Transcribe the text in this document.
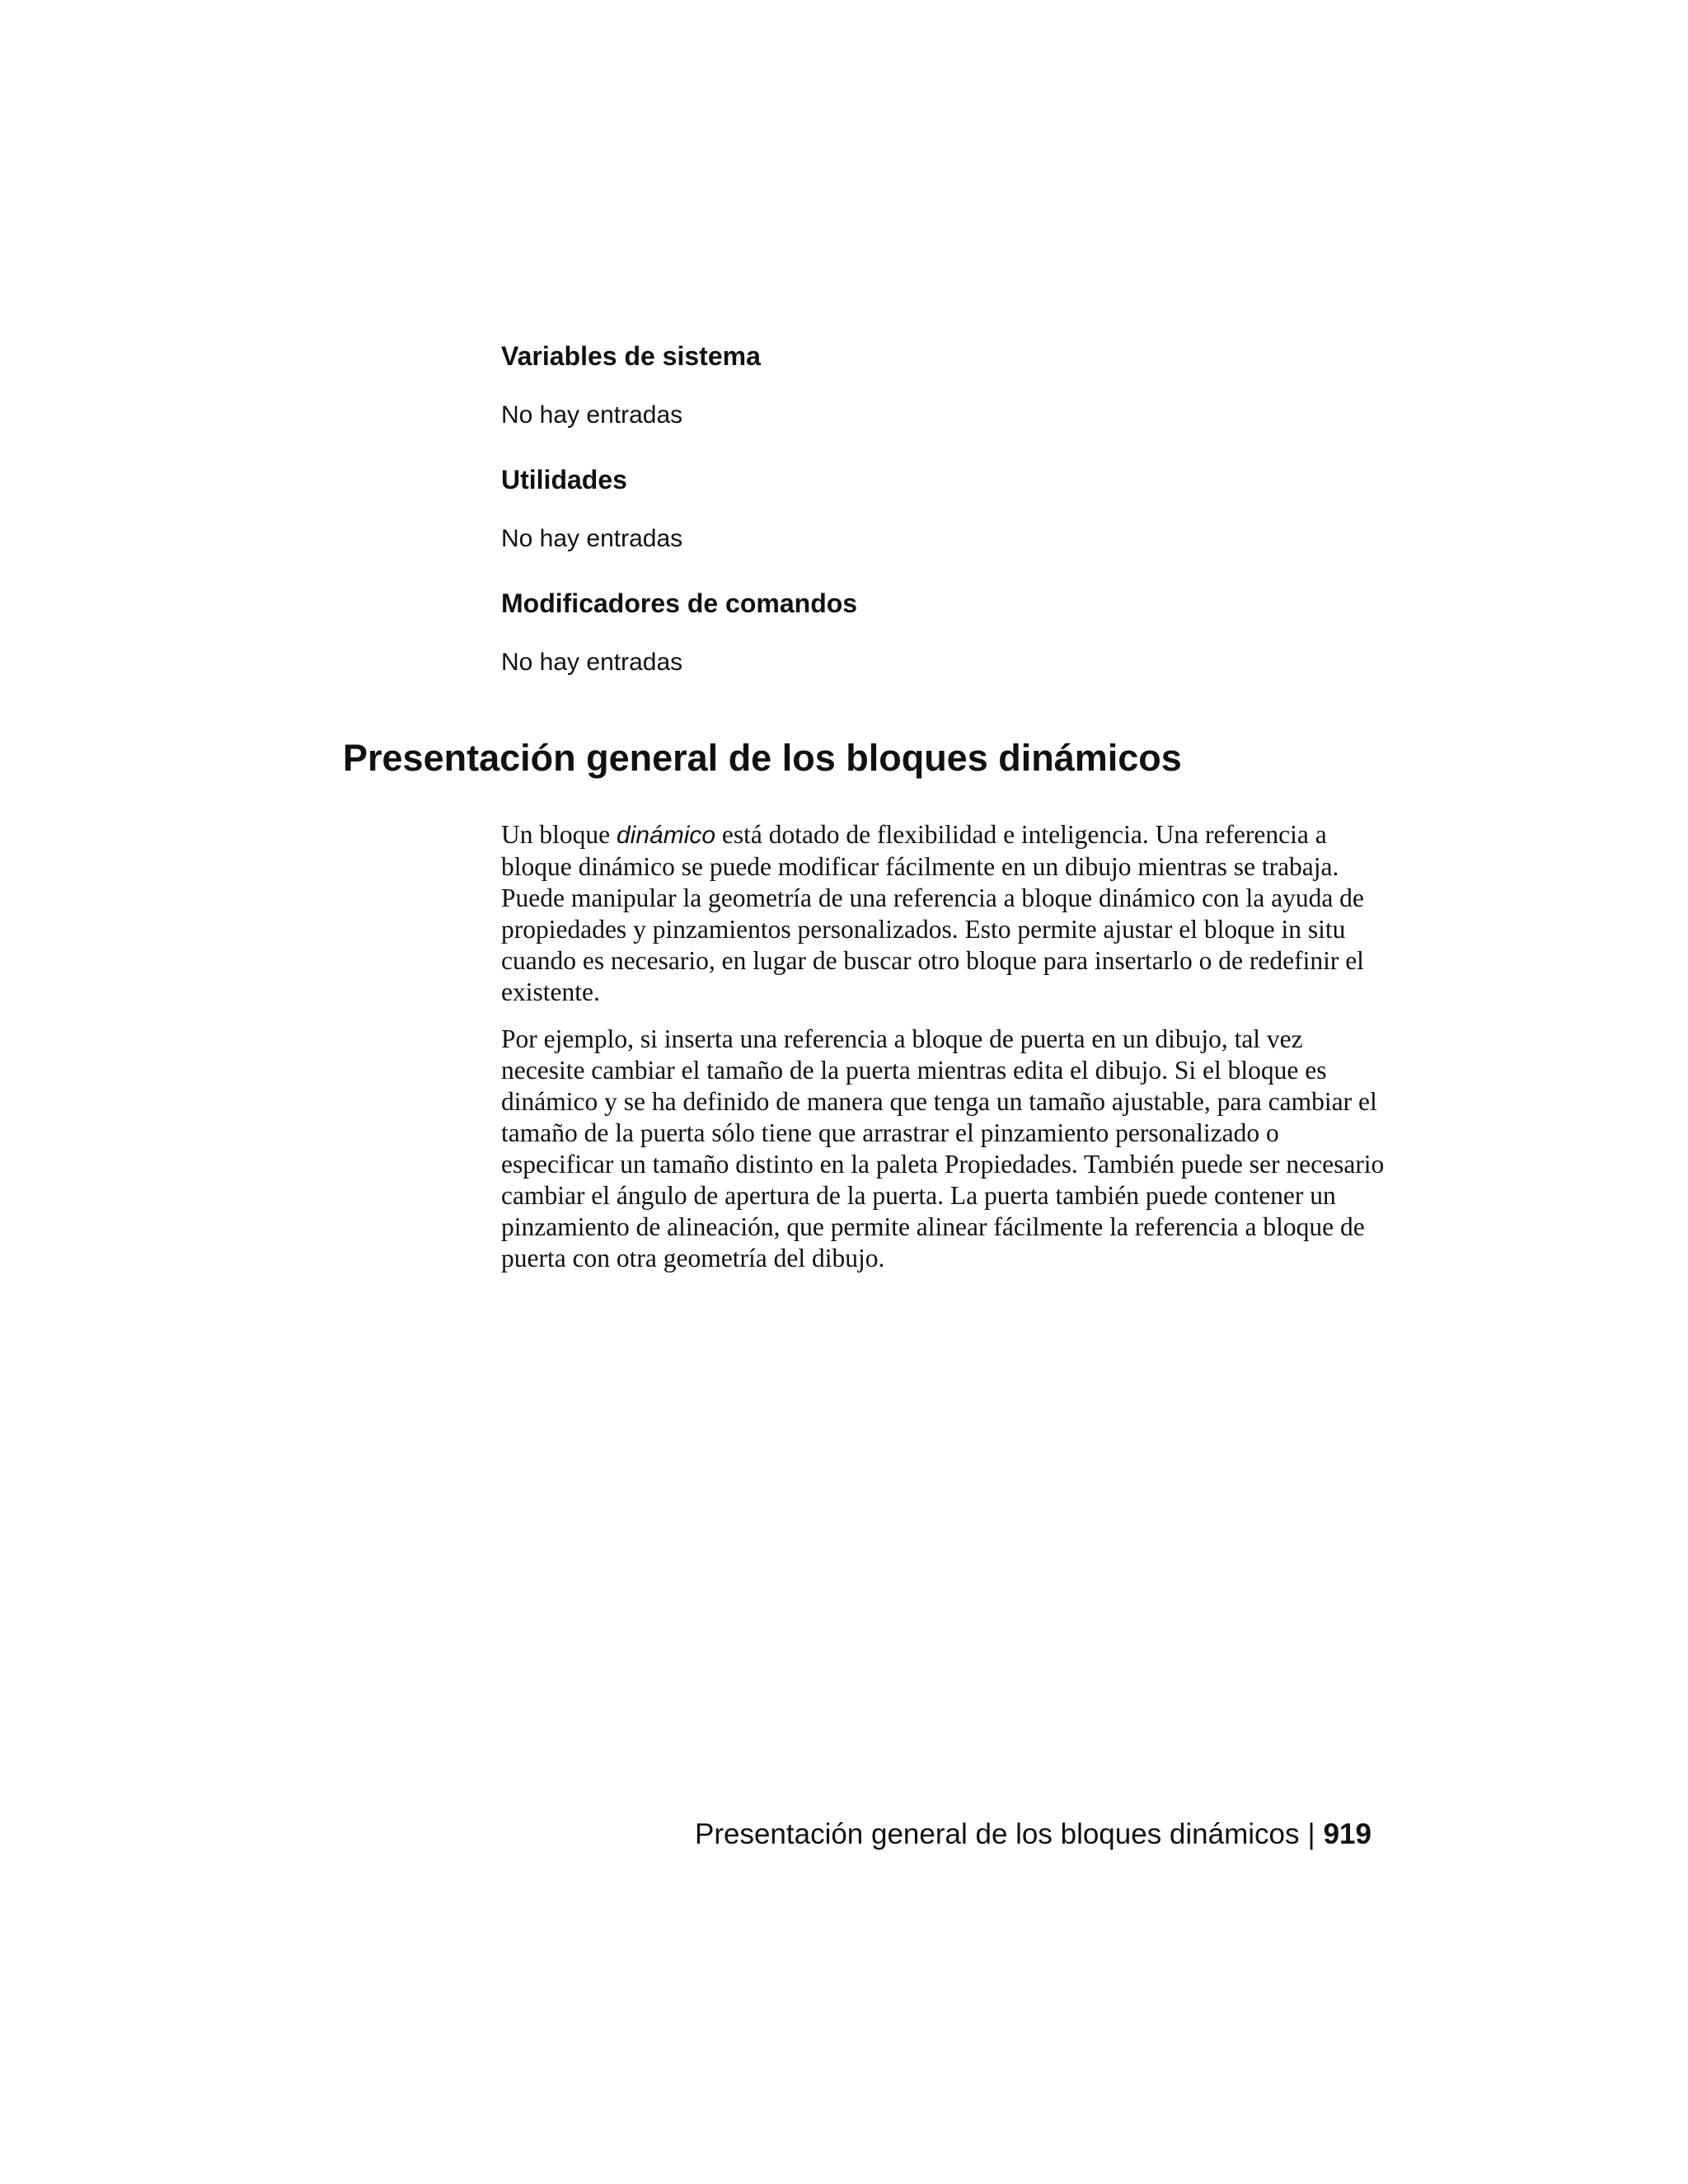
Variables de sistema

No hay entradas

Utilidades

No hay entradas

Modificadores de comandos

No hay entradas

Presentación general de los bloques dinámicos

Un bloque dinámico está dotado de flexibilidad e inteligencia. Una referencia a bloque dinámico se puede modificar fácilmente en un dibujo mientras se trabaja. Puede manipular la geometría de una referencia a bloque dinámico con la ayuda de propiedades y pinzamientos personalizados. Esto permite ajustar el bloque in situ cuando es necesario, en lugar de buscar otro bloque para insertarlo o de redefinir el existente.

Por ejemplo, si inserta una referencia a bloque de puerta en un dibujo, tal vez necesite cambiar el tamaño de la puerta mientras edita el dibujo. Si el bloque es dinámico y se ha definido de manera que tenga un tamaño ajustable, para cambiar el tamaño de la puerta sólo tiene que arrastrar el pinzamiento personalizado o especificar un tamaño distinto en la paleta Propiedades. También puede ser necesario cambiar el ángulo de apertura de la puerta. La puerta también puede contener un pinzamiento de alineación, que permite alinear fácilmente la referencia a bloque de puerta con otra geometría del dibujo.

Presentación general de los bloques dinámicos | 919
